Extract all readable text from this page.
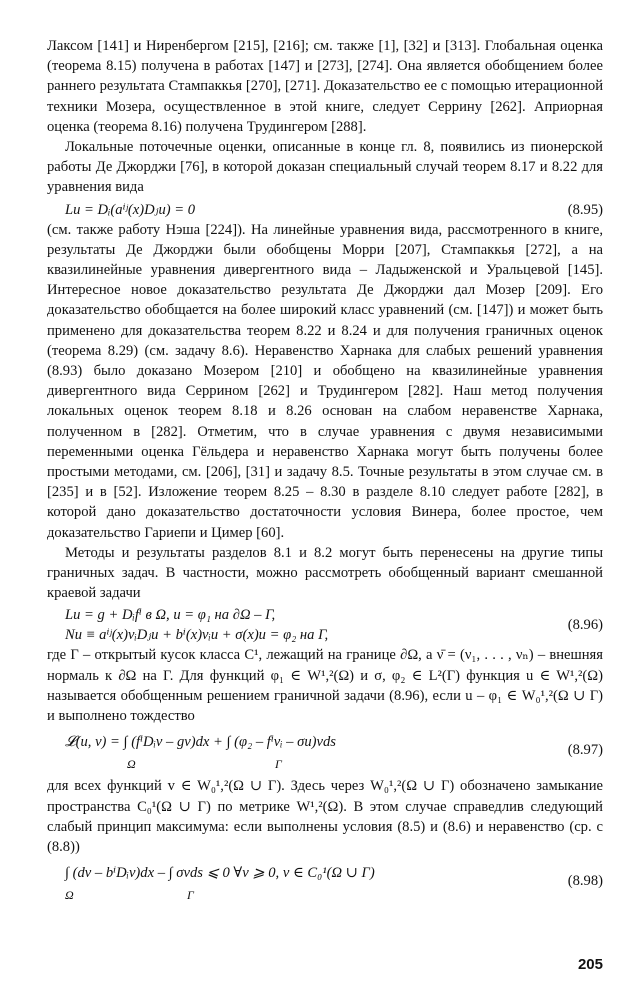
Лаксом [141] и Ниренбергом [215], [216]; см. также [1], [32] и [313]. Глобальная оценка (теорема 8.15) получена в работах [147] и [273], [274]. Она является обобщением более раннего результата Стампаккья [270], [271]. Доказательство ее с помощью итерационной техники Мозера, осуществленное в этой книге, следует Серрину [262]. Априорная оценка (теорема 8.16) получена Трудингером [288].

Локальные поточечные оценки, описанные в конце гл. 8, появились из пионерской работы Де Джорджи [76], в которой доказан специальный случай теорем 8.17 и 8.22 для уравнения вида

Lu = Dᵢ(aⁱʲ(x)Dⱼu) = 0	(8.95)

(см. также работу Нэша [224]). На линейные уравнения вида, рассмотренного в книге, результаты Де Джорджи были обобщены Морри [207], Стампаккья [272], а на квазилинейные уравнения дивергентного вида – Ладыженской и Уральцевой [145]. Интересное новое доказательство результата Де Джорджи дал Мозер [209]. Его доказательство обобщается на более широкий класс уравнений (см. [147]) и может быть применено для доказательства теорем 8.22 и 8.24 и для получения граничных оценок (теорема 8.29) (см. задачу 8.6). Неравенство Харнака для слабых решений уравнения (8.93) было доказано Мозером [210] и обобщено на квазилинейные уравнения дивергентного вида Серрином [262] и Трудингером [282]. Наш метод получения локальных оценок теорем 8.18 и 8.26 основан на слабом неравенстве Харнака, полученном в [282]. Отметим, что в случае уравнения с двумя независимыми переменными оценка Гёльдера и неравенство Харнака могут быть получены более простыми методами, см. [206], [31] и задачу 8.5. Точные результаты в этом случае см. в [235] и в [52]. Изложение теорем 8.25 – 8.30 в разделе 8.10 следует работе [282], в которой дано доказательство достаточности условия Винера, более простое, чем доказательство Гариепи и Цимер [60].

Методы и результаты разделов 8.1 и 8.2 могут быть перенесены на другие типы граничных задач. В частности, можно рассмотреть обобщенный вариант смешанной краевой задачи

Lu = g + Dᵢfⁱ в Ω, u = φ₁ на ∂Ω – Γ,
Nu ≡ aⁱʲ(x)νᵢDⱼu + bⁱ(x)νᵢu + σ(x)u = φ₂ на Γ,
(8.96)

где Γ – открытый кусок класса C¹, лежащий на границе ∂Ω, а ν̄ = (ν₁, . . . , νₙ) – внешняя нормаль к ∂Ω на Γ. Для функций φ₁ ∈ W¹,²(Ω) и σ, φ₂ ∈ L²(Γ) функция u ∈ W¹,²(Ω) называется обобщенным решением граничной задачи (8.96), если u – φ₁ ∈ W₀¹,²(Ω ∪ Γ) и выполнено тождество

𝓛(u, v) = ∫ (fⁱDᵢv – gv)dx + ∫ (φ₂ – fⁱνᵢ – σu)vds
Ω	Γ
(8.97)

для всех функций v ∈ W₀¹,²(Ω ∪ Γ). Здесь через W₀¹,²(Ω ∪ Γ) обозначено замыкание пространства C₀¹(Ω ∪ Γ) по метрике W¹,²(Ω). В этом случае справедлив следующий слабый принцип максимума: если выполнены условия (8.5) и (8.6) и неравенство (ср. с (8.8))

∫ (dv – bⁱDᵢv)dx – ∫ σvds ⩽ 0 ∀v ⩾ 0, v ∈ C₀¹(Ω ∪ Γ)
Ω	Γ
(8.98)
205
